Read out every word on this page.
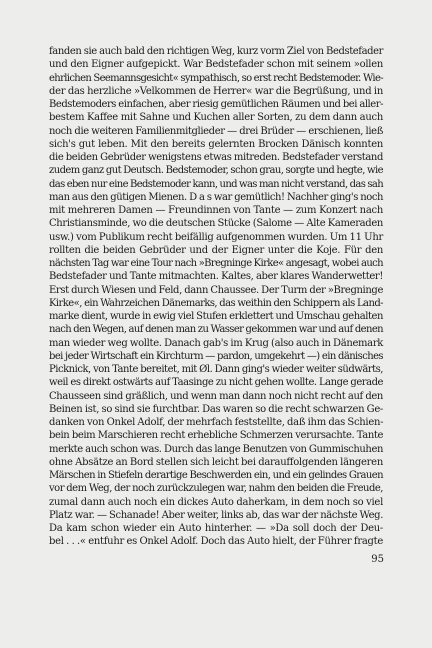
fanden sie auch bald den richtigen Weg, kurz vorm Ziel von Bedstefader
und den Eigner aufgepickt. War Bedstefader schon mit seinem »ollen
ehrlichen Seemannsgesicht« sympathisch, so erst recht Bedstemoder. Wie-
der das herzliche »Velkommen de Herrer« war die Begrüßung, und in
Bedstemoders einfachen, aber riesig gemütlichen Räumen und bei aller-
bestem Kaffee mit Sahne und Kuchen aller Sorten, zu dem dann auch
noch die weiteren Familienmitglieder — drei Brüder — erschienen, ließ
sich's gut leben. Mit den bereits gelernten Brocken Dänisch konnten
die beiden Gebrüder wenigstens etwas mitreden. Bedstefader verstand
zudem ganz gut Deutsch. Bedstemoder, schon grau, sorgte und hegte, wie
das eben nur eine Bedstemoder kann, und was man nicht verstand, das sah
man aus den gütigen Mienen. D a s war gemütlich! Nachher ging's noch
mit mehreren Damen — Freundinnen von Tante — zum Konzert nach
Christiansminde, wo die deutschen Stücke (Salome — Alte Kameraden
usw.) vom Publikum recht beifällig aufgenommen wurden. Um 11 Uhr
rollten die beiden Gebrüder und der Eigner unter die Koje. Für den
nächsten Tag war eine Tour nach »Bregninge Kirke« angesagt, wobei auch
Bedstefader und Tante mitmachten. Kaltes, aber klares Wanderwetter!
Erst durch Wiesen und Feld, dann Chaussee. Der Turm der »Bregninge
Kirke«, ein Wahrzeichen Dänemarks, das weithin den Schippern als Land-
marke dient, wurde in ewig viel Stufen erklettert und Umschau gehalten
nach den Wegen, auf denen man zu Wasser gekommen war und auf denen
man wieder weg wollte. Danach gab's im Krug (also auch in Dänemark
bei jeder Wirtschaft ein Kirchturm — pardon, umgekehrt —) ein dänisches
Picknick, von Tante bereitet, mit Øl. Dann ging's wieder weiter südwärts,
weil es direkt ostwärts auf Taasinge zu nicht gehen wollte. Lange gerade
Chausseen sind gräßlich, und wenn man dann noch nicht recht auf den
Beinen ist, so sind sie furchtbar. Das waren so die recht schwarzen Ge-
danken von Onkel Adolf, der mehrfach feststellte, daß ihm das Schien-
bein beim Marschieren recht erhebliche Schmerzen verursachte. Tante
merkte auch schon was. Durch das lange Benutzen von Gummischuhen
ohne Absätze an Bord stellen sich leicht bei darauffolgenden längeren
Märschen in Stiefeln derartige Beschwerden ein, und ein gelindes Grauen
vor dem Weg, der noch zurückzulegen war, nahm den beiden die Freude,
zumal dann auch noch ein dickes Auto daherkam, in dem noch so viel
Platz war. — Schanade! Aber weiter, links ab, das war der nächste Weg.
Da kam schon wieder ein Auto hinterher. — »Da soll doch der Deu-
bel . . .« entfuhr es Onkel Adolf. Doch das Auto hielt, der Führer fragte
95
